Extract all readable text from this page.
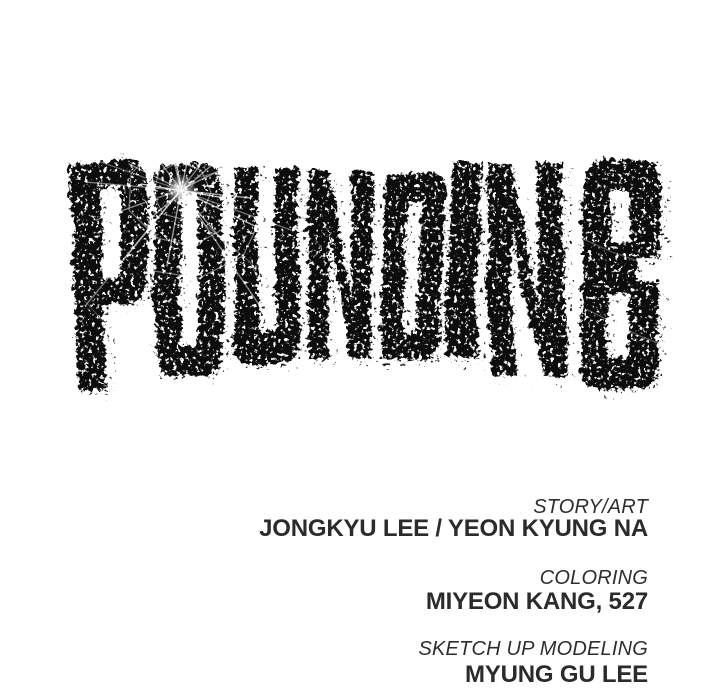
STORY/ART
JONGKYU LEE / YEON KYUNG NA
COLORING
MIYEON KANG, 527
SKETCH UP MODELING
MYUNG GU LEE
